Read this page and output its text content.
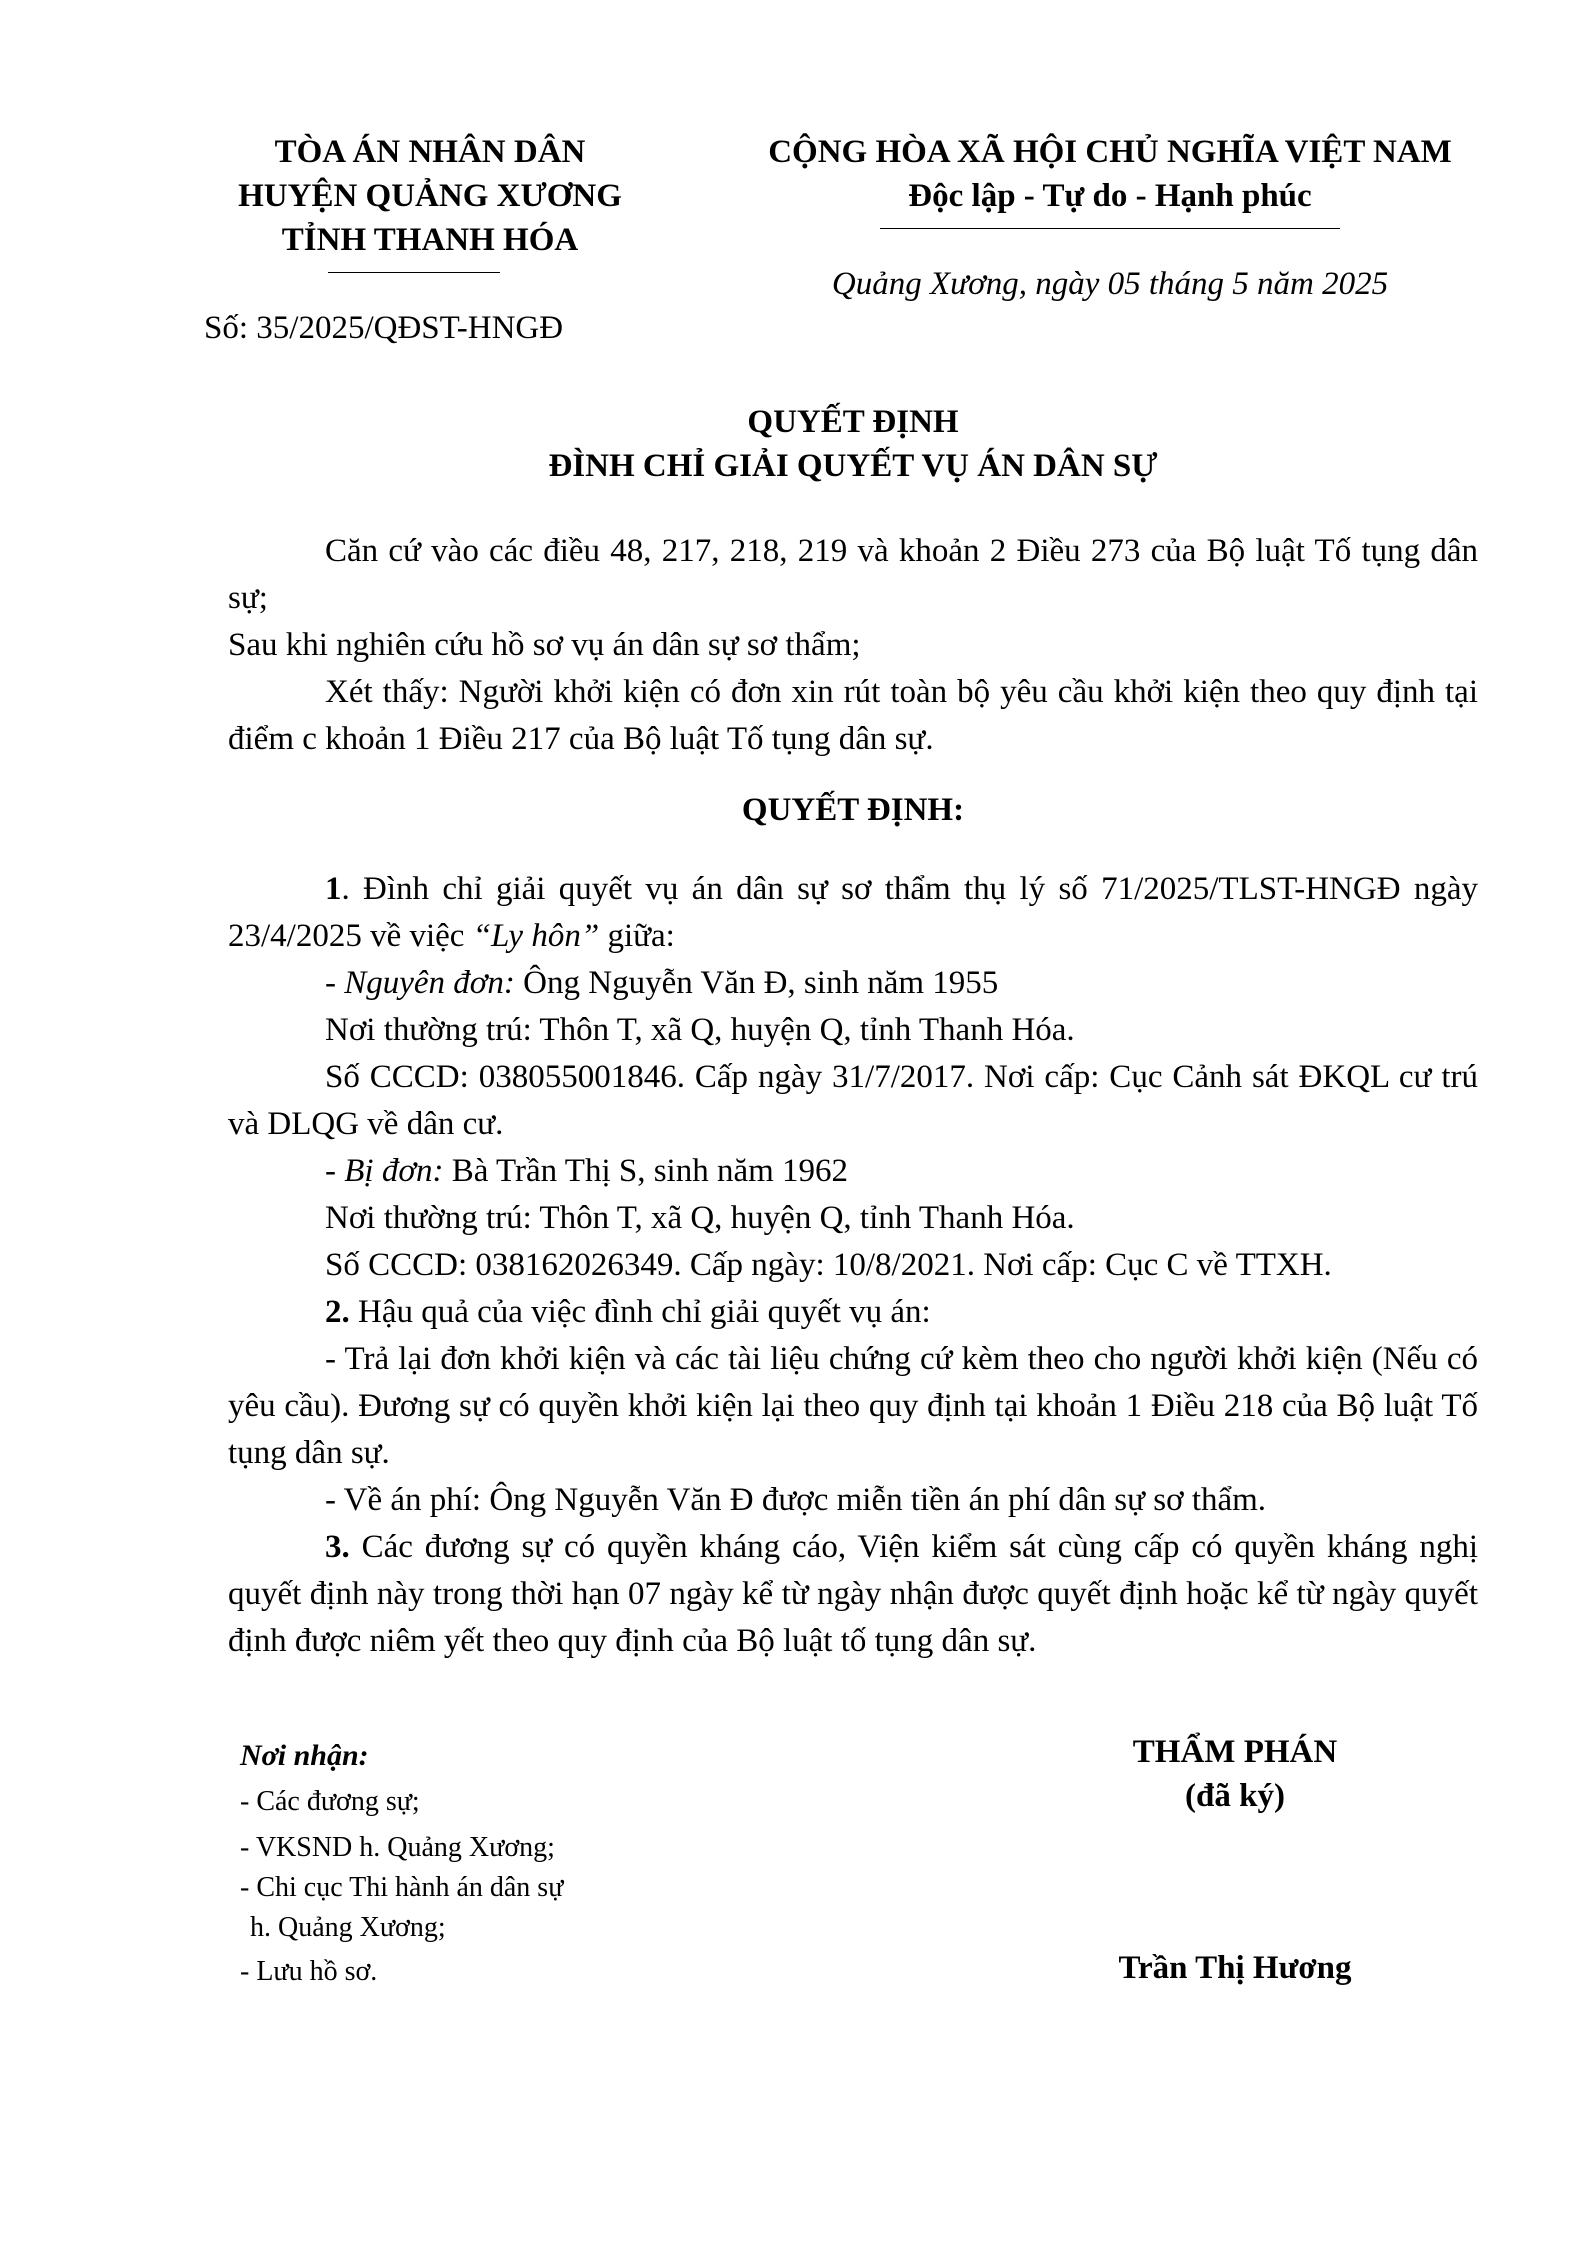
TÒA ÁN NHÂN DÂN
HUYỆN QUẢNG XƯƠNG
TỈNH THANH HÓA
Số: 35/2025/QĐST-HNGĐ
CỘNG HÒA XÃ HỘI CHỦ NGHĨA VIỆT NAM
Độc lập - Tự do - Hạnh phúc
Quảng Xương, ngày 05 tháng 5 năm 2025
QUYẾT ĐỊNH
ĐÌNH CHỈ GIẢI QUYẾT VỤ ÁN DÂN SỰ
Căn cứ vào các điều 48, 217, 218, 219 và khoản 2 Điều 273 của Bộ luật Tố tụng dân sự;
Sau khi nghiên cứu hồ sơ vụ án dân sự sơ thẩm;
Xét thấy: Người khởi kiện có đơn xin rút toàn bộ yêu cầu khởi kiện theo quy định tại điểm c khoản 1 Điều 217 của Bộ luật Tố tụng dân sự.
QUYẾT ĐỊNH:
1. Đình chỉ giải quyết vụ án dân sự sơ thẩm thụ lý số 71/2025/TLST-HNGĐ ngày 23/4/2025 về việc “Ly hôn” giữa:
- Nguyên đơn: Ông Nguyễn Văn Đ, sinh năm 1955
Nơi thường trú: Thôn T, xã Q, huyện Q, tỉnh Thanh Hóa.
Số CCCD: 038055001846. Cấp ngày 31/7/2017. Nơi cấp: Cục Cảnh sát ĐKQL cư trú và DLQG về dân cư.
- Bị đơn: Bà Trần Thị S, sinh năm 1962
Nơi thường trú: Thôn T, xã Q, huyện Q, tỉnh Thanh Hóa.
Số CCCD: 038162026349. Cấp ngày: 10/8/2021. Nơi cấp: Cục C về TTXH.
2. Hậu quả của việc đình chỉ giải quyết vụ án:
- Trả lại đơn khởi kiện và các tài liệu chứng cứ kèm theo cho người khởi kiện (Nếu có yêu cầu). Đương sự có quyền khởi kiện lại theo quy định tại khoản 1 Điều 218 của Bộ luật Tố tụng dân sự.
- Về án phí: Ông Nguyễn Văn Đ được miễn tiền án phí dân sự sơ thẩm.
3. Các đương sự có quyền kháng cáo, Viện kiểm sát cùng cấp có quyền kháng nghị quyết định này trong thời hạn 07 ngày kể từ ngày nhận được quyết định hoặc kể từ ngày quyết định được niêm yết theo quy định của Bộ luật tố tụng dân sự.
Nơi nhận:
- Các đương sự;
- VKSND h. Quảng Xương;
- Chi cục Thi hành án dân sự
h. Quảng Xương;
- Lưu hồ sơ.
THẨM PHÁN
(đã ký)
Trần Thị Hương
